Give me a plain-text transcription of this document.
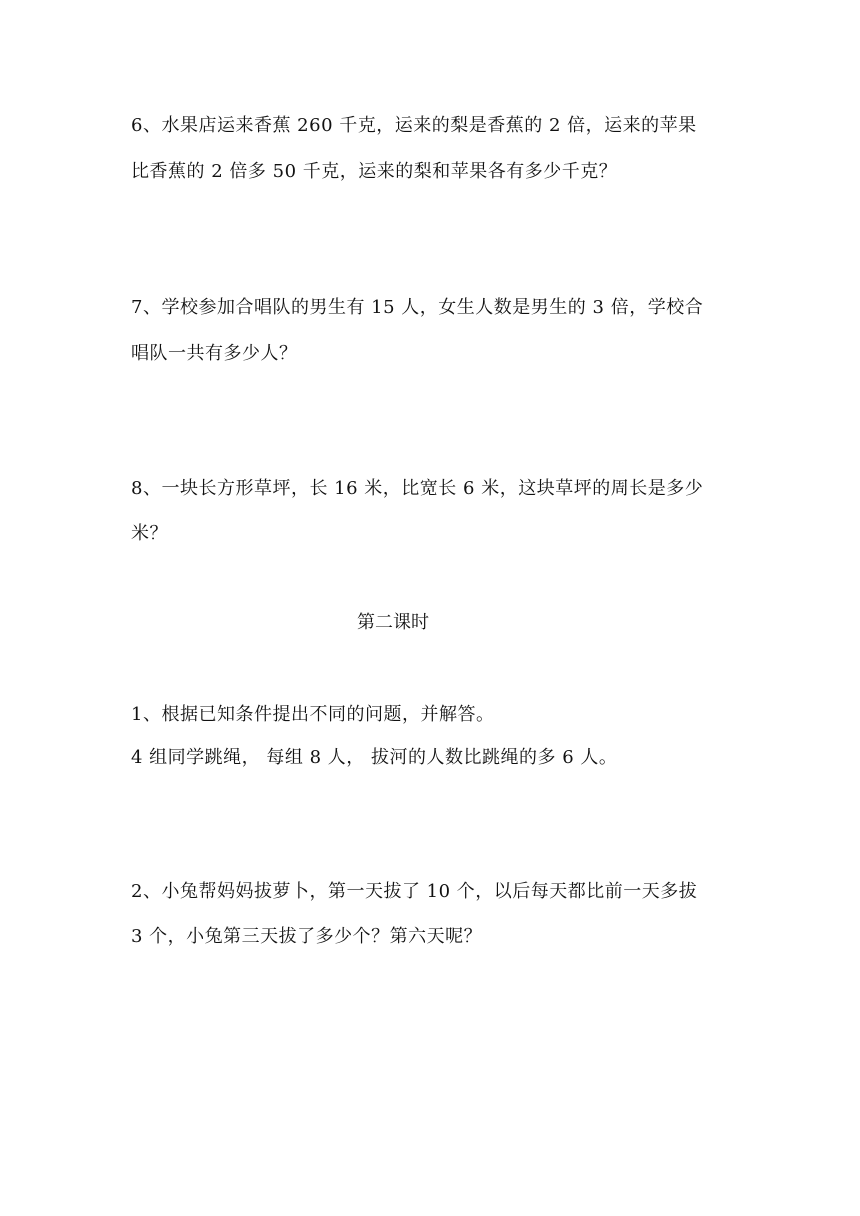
6、水果店运来香蕉 260 千克，运来的梨是香蕉的 2 倍，运来的苹果
比香蕉的 2 倍多 50 千克，运来的梨和苹果各有多少千克？
7、学校参加合唱队的男生有 15 人，女生人数是男生的 3 倍，学校合
唱队一共有多少人？
8、一块长方形草坪，长 16 米，比宽长 6 米，这块草坪的周长是多少
米？
第二课时
1、根据已知条件提出不同的问题，并解答。
4 组同学跳绳， 每组 8 人， 拔河的人数比跳绳的多 6 人。
2、小兔帮妈妈拔萝卜，第一天拔了 10 个，以后每天都比前一天多拔
3 个，小兔第三天拔了多少个？第六天呢？
